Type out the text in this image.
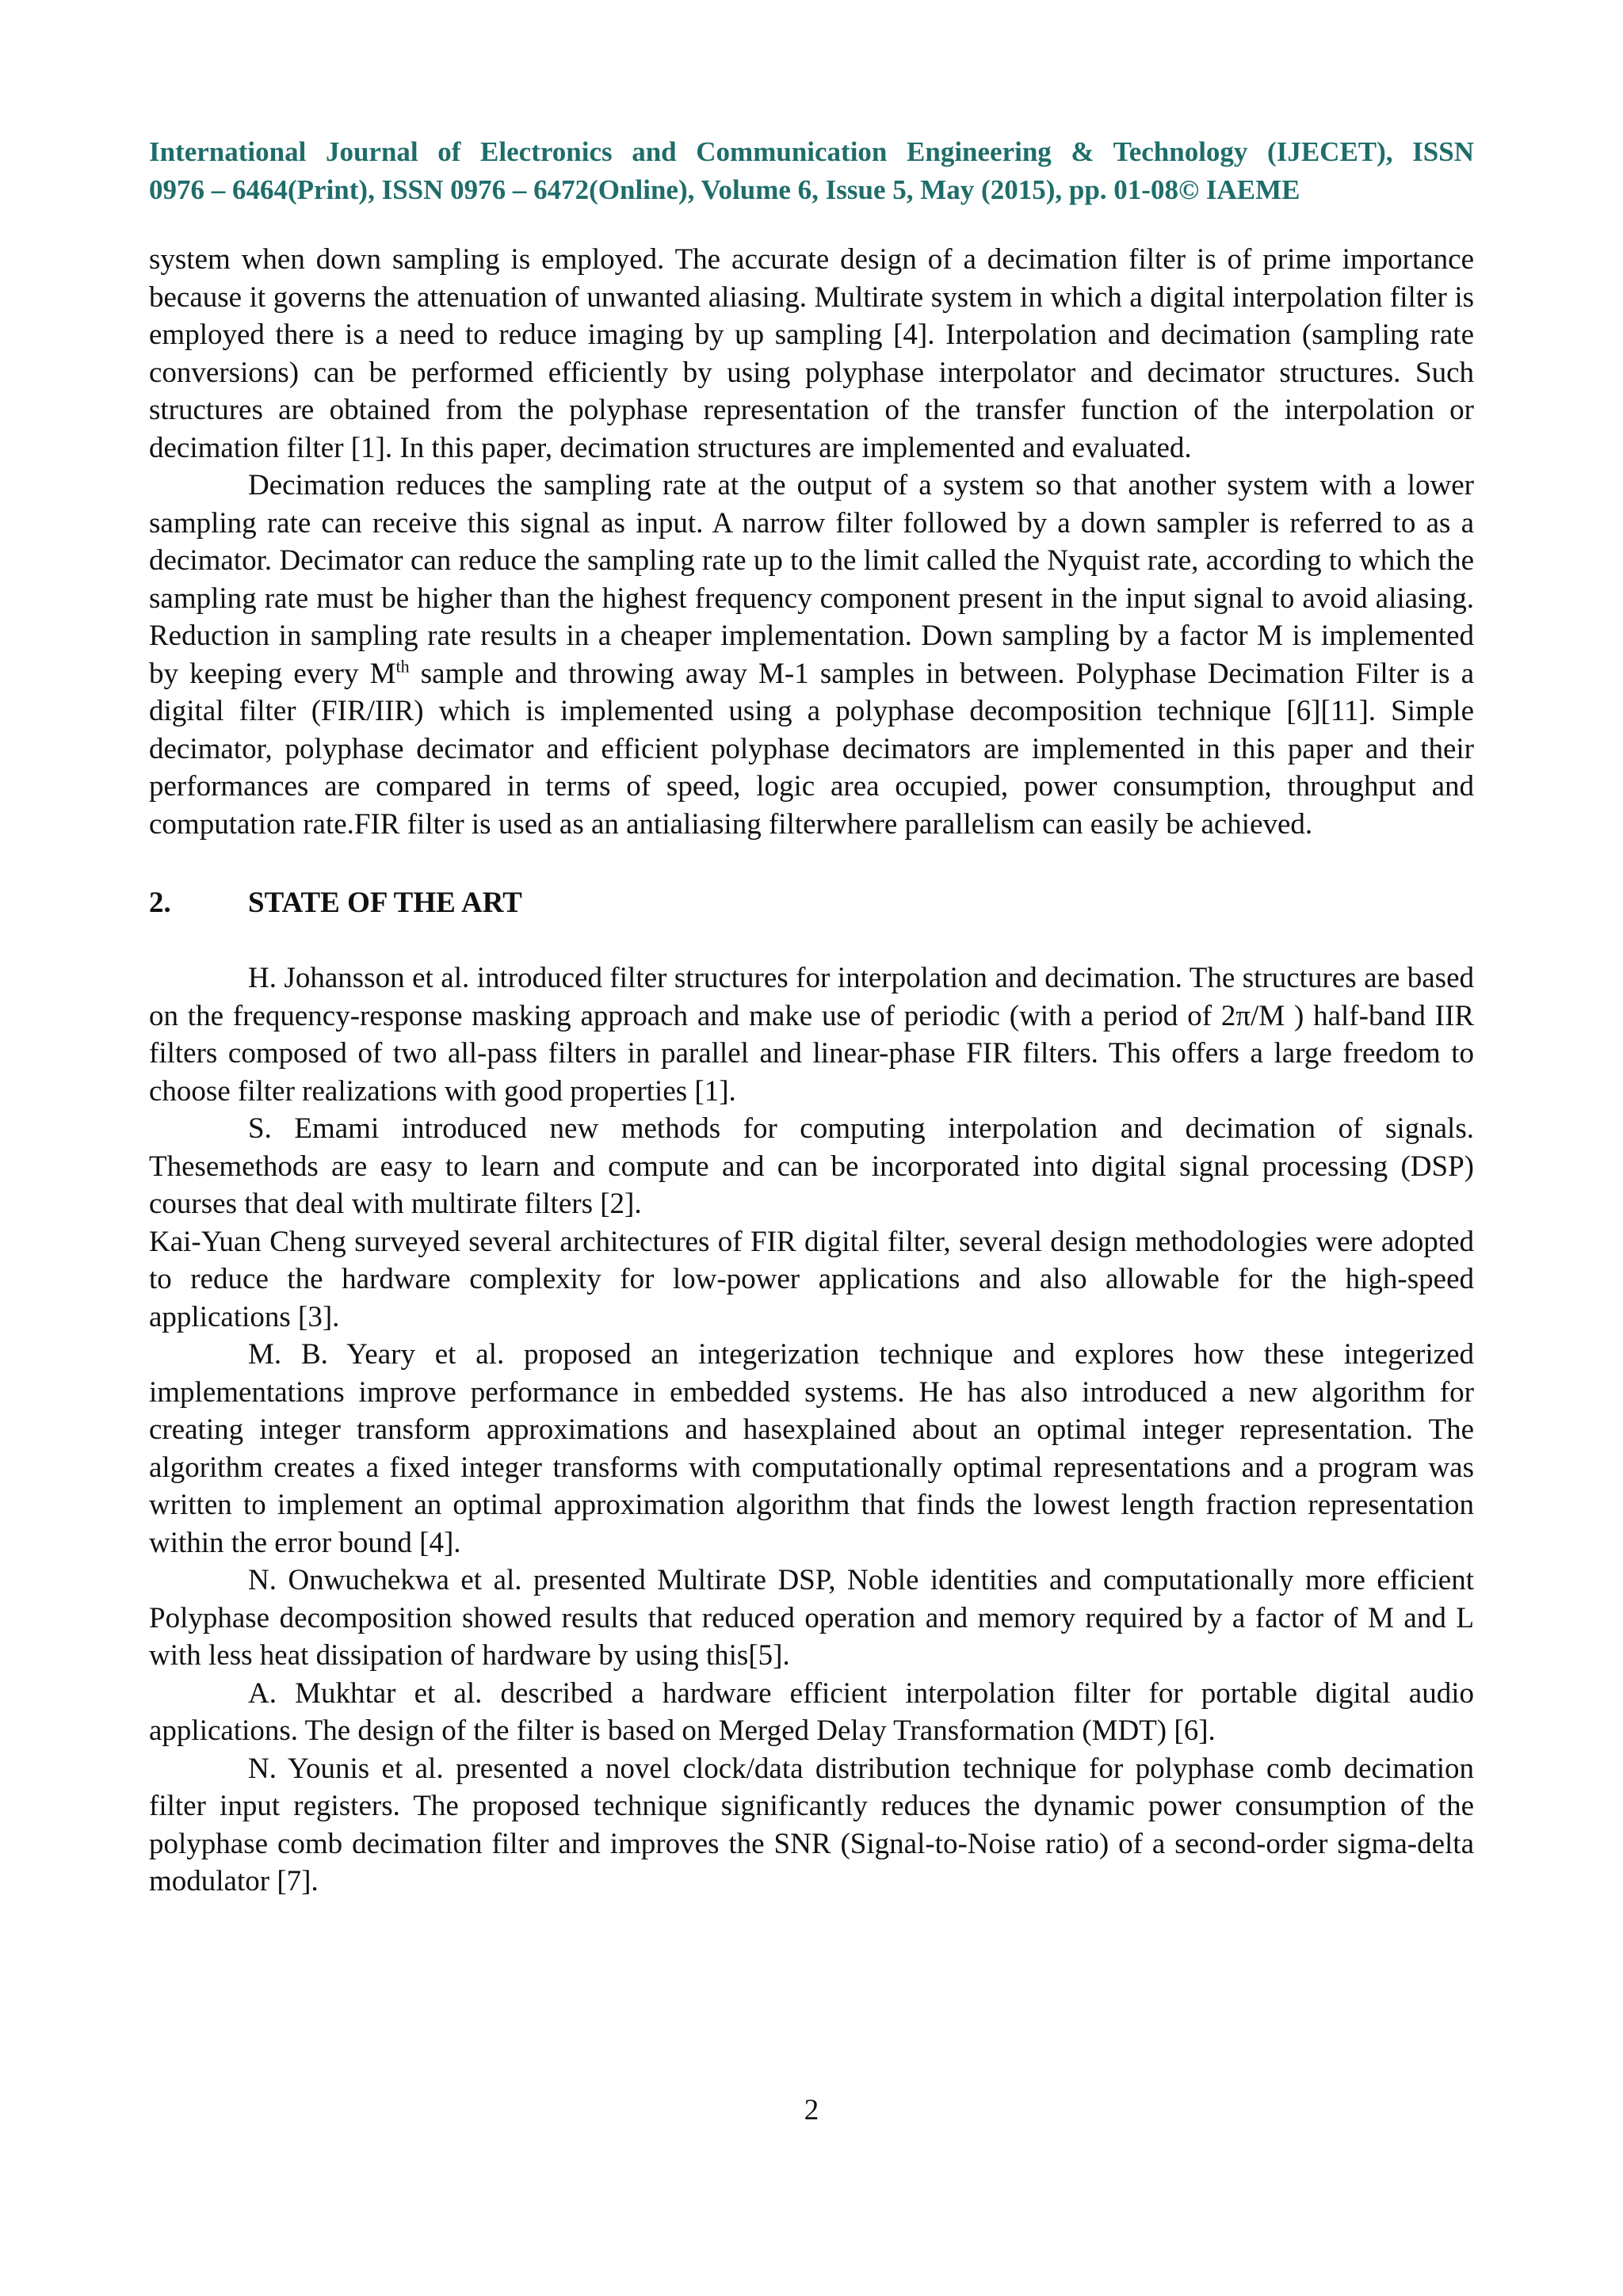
International Journal of Electronics and Communication Engineering & Technology (IJECET), ISSN
0976 – 6464(Print), ISSN 0976 – 6472(Online), Volume 6, Issue 5, May (2015), pp. 01-08© IAEME

system when down sampling is employed. The accurate design of a decimation filter is of prime importance because it governs the attenuation of unwanted aliasing. Multirate system in which a digital interpolation filter is employed there is a need to reduce imaging by up sampling [4]. Interpolation and decimation (sampling rate conversions) can be performed efficiently by using polyphase interpolator and decimator structures. Such structures are obtained from the polyphase representation of the transfer function of the interpolation or decimation filter [1]. In this paper, decimation structures are implemented and evaluated.

Decimation reduces the sampling rate at the output of a system so that another system with a lower sampling rate can receive this signal as input. A narrow filter followed by a down sampler is referred to as a decimator. Decimator can reduce the sampling rate up to the limit called the Nyquist rate, according to which the sampling rate must be higher than the highest frequency component present in the input signal to avoid aliasing. Reduction in sampling rate results in a cheaper implementation. Down sampling by a factor M is implemented by keeping every Mth sample and throwing away M-1 samples in between. Polyphase Decimation Filter is a digital filter (FIR/IIR) which is implemented using a polyphase decomposition technique [6][11]. Simple decimator, polyphase decimator and efficient polyphase decimators are implemented in this paper and their performances are compared in terms of speed, logic area occupied, power consumption, throughput and computation rate.FIR filter is used as an antialiasing filterwhere parallelism can easily be achieved.

2.	STATE OF THE ART

H. Johansson et al. introduced filter structures for interpolation and decimation. The structures are based on the frequency-response masking approach and make use of periodic (with a period of 2π/M ) half-band IIR filters composed of two all-pass filters in parallel and linear-phase FIR filters. This offers a large freedom to choose filter realizations with good properties [1].

S. Emami introduced new methods for computing interpolation and decimation of signals. Thesemethods are easy to learn and compute and can be incorporated into digital signal processing (DSP) courses that deal with multirate filters [2].

Kai-Yuan Cheng surveyed several architectures of FIR digital filter, several design methodologies were adopted to reduce the hardware complexity for low-power applications and also allowable for the high-speed applications [3].

M. B. Yeary et al. proposed an integerization technique and explores how these integerized implementations improve performance in embedded systems. He has also introduced a new algorithm for creating integer transform approximations and hasexplained about an optimal integer representation. The algorithm creates a fixed integer transforms with computationally optimal representations and a program was written to implement an optimal approximation algorithm that finds the lowest length fraction representation within the error bound [4].

N. Onwuchekwa et al. presented Multirate DSP, Noble identities and computationally more efficient Polyphase decomposition showed results that reduced operation and memory required by a factor of M and L with less heat dissipation of hardware by using this[5].

A. Mukhtar et al. described a hardware efficient interpolation filter for portable digital audio applications. The design of the filter is based on Merged Delay Transformation (MDT) [6].

N. Younis et al. presented a novel clock/data distribution technique for polyphase comb decimation filter input registers. The proposed technique significantly reduces the dynamic power consumption of the polyphase comb decimation filter and improves the SNR (Signal-to-Noise ratio) of a second-order sigma-delta modulator [7].

2
